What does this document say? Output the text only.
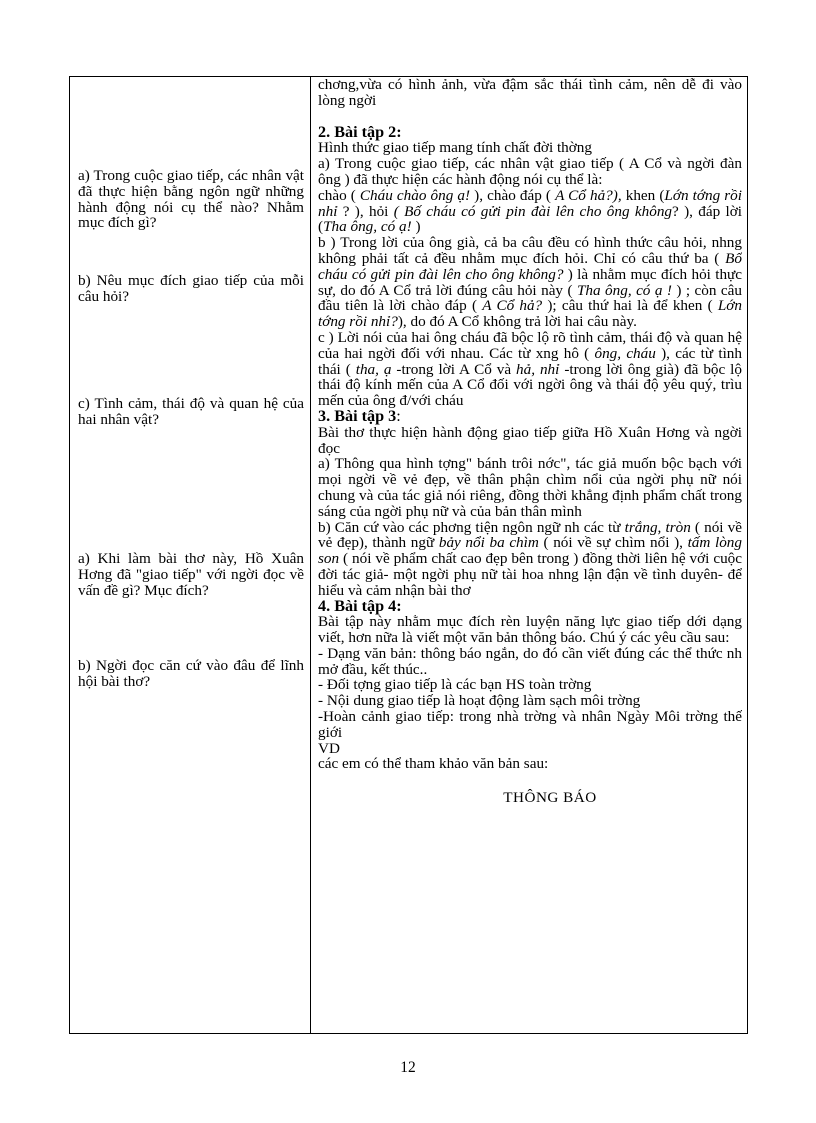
a) Trong cuộc giao tiếp, các nhân vật đã thực hiện bằng ngôn ngữ những hành động nói cụ thể nào? Nhằm mục đích gì?

b) Nêu mục đích giao tiếp của mỗi câu hỏi?

c) Tình cảm, thái độ và quan hệ của hai nhân vật?

a) Khi làm bài thơ này, Hồ Xuân Hơng đã "giao tiếp" với ngời đọc về vấn đề gì? Mục đích?

b) Ngời đọc căn cứ vào đâu để lĩnh hội bài thơ?

chơng,vừa có hình ảnh, vừa đậm sắc thái tình cảm, nên dễ đi vào lòng ngời

2. Bài tập 2:

Hình thức giao tiếp mang tính chất đời thờng

a) Trong cuộc giao tiếp, các nhân vật giao tiếp ( A Cổ và ngời đàn ông ) đã thực hiện các hành động nói cụ thể là:
chào ( Cháu chào ông ạ! ), chào đáp ( A Cổ hả?), khen (Lớn tớng rồi nhỉ ? ), hỏi ( Bố cháu có gửi pin đài lên cho ông không? ), đáp lời (Tha ông, có ạ! )

b ) Trong lời của ông già, cả ba câu đều có hình thức câu hỏi, nhng không phải tất cả đều nhằm mục đích hỏi. Chỉ có câu thứ ba ( Bố cháu có gửi pin đài lên cho ông không? ) là nhằm mục đích hỏi thực sự, do đó A Cổ trả lời đúng câu hỏi này ( Tha ông, có ạ ! ) ; còn câu đầu tiên là lời chào đáp ( A Cổ hả? ); câu thứ hai là để khen ( Lớn tớng rồi nhỉ?), do đó A Cổ không trả lời hai câu này.

c ) Lời nói của hai ông cháu đã bộc lộ rõ tình cảm, thái độ và quan hệ của hai ngời đối với nhau. Các từ xng hô ( ông, cháu ), các từ tình thái ( tha, ạ -trong lời A Cổ và hả, nhỉ -trong lời ông già) đã bộc lộ thái độ kính mến của A Cổ đối với ngời ông và thái độ yêu quý, trìu mến của ông đ/với cháu

3. Bài tập 3:

Bài thơ thực hiện hành động giao tiếp giữa Hồ Xuân Hơng và ngời đọc

a) Thông qua hình tợng" bánh trôi nớc", tác giả muốn bộc bạch với mọi ngời về vẻ đẹp, về thân phận chìm nổi của ngời phụ nữ nói chung và của tác giả nói riêng, đồng thời khẳng định phẩm chất trong sáng của ngời phụ nữ và của bản thân mình

b) Căn cứ vào các phơng tiện ngôn ngữ nh các từ trắng, tròn ( nói về vẻ đẹp), thành ngữ bảy nổi ba chìm ( nói về sự chìm nổi ), tấm lòng son ( nói về phẩm chất cao đẹp bên trong ) đồng thời liên hệ với cuộc đời tác giả- một ngời phụ nữ tài hoa nhng lận đận về tình duyên- để hiểu và cảm nhận bài thơ

4. Bài tập 4:

Bài tập này nhằm mục đích rèn luyện năng lực giao tiếp dới dạng viết, hơn nữa là viết một văn bản thông báo. Chú ý các yêu cầu sau:

- Dạng văn bản: thông báo ngắn, do đó cần viết đúng các thể thức nh mở đầu, kết thúc..

- Đối tợng giao tiếp là các bạn HS toàn trờng

- Nội dung giao tiếp là hoạt động làm sạch môi trờng

-Hoàn cảnh giao tiếp: trong nhà trờng và nhân Ngày Môi trờng thế giới

VD

các em có thể tham khảo văn bản sau:

THÔNG BÁO

12
